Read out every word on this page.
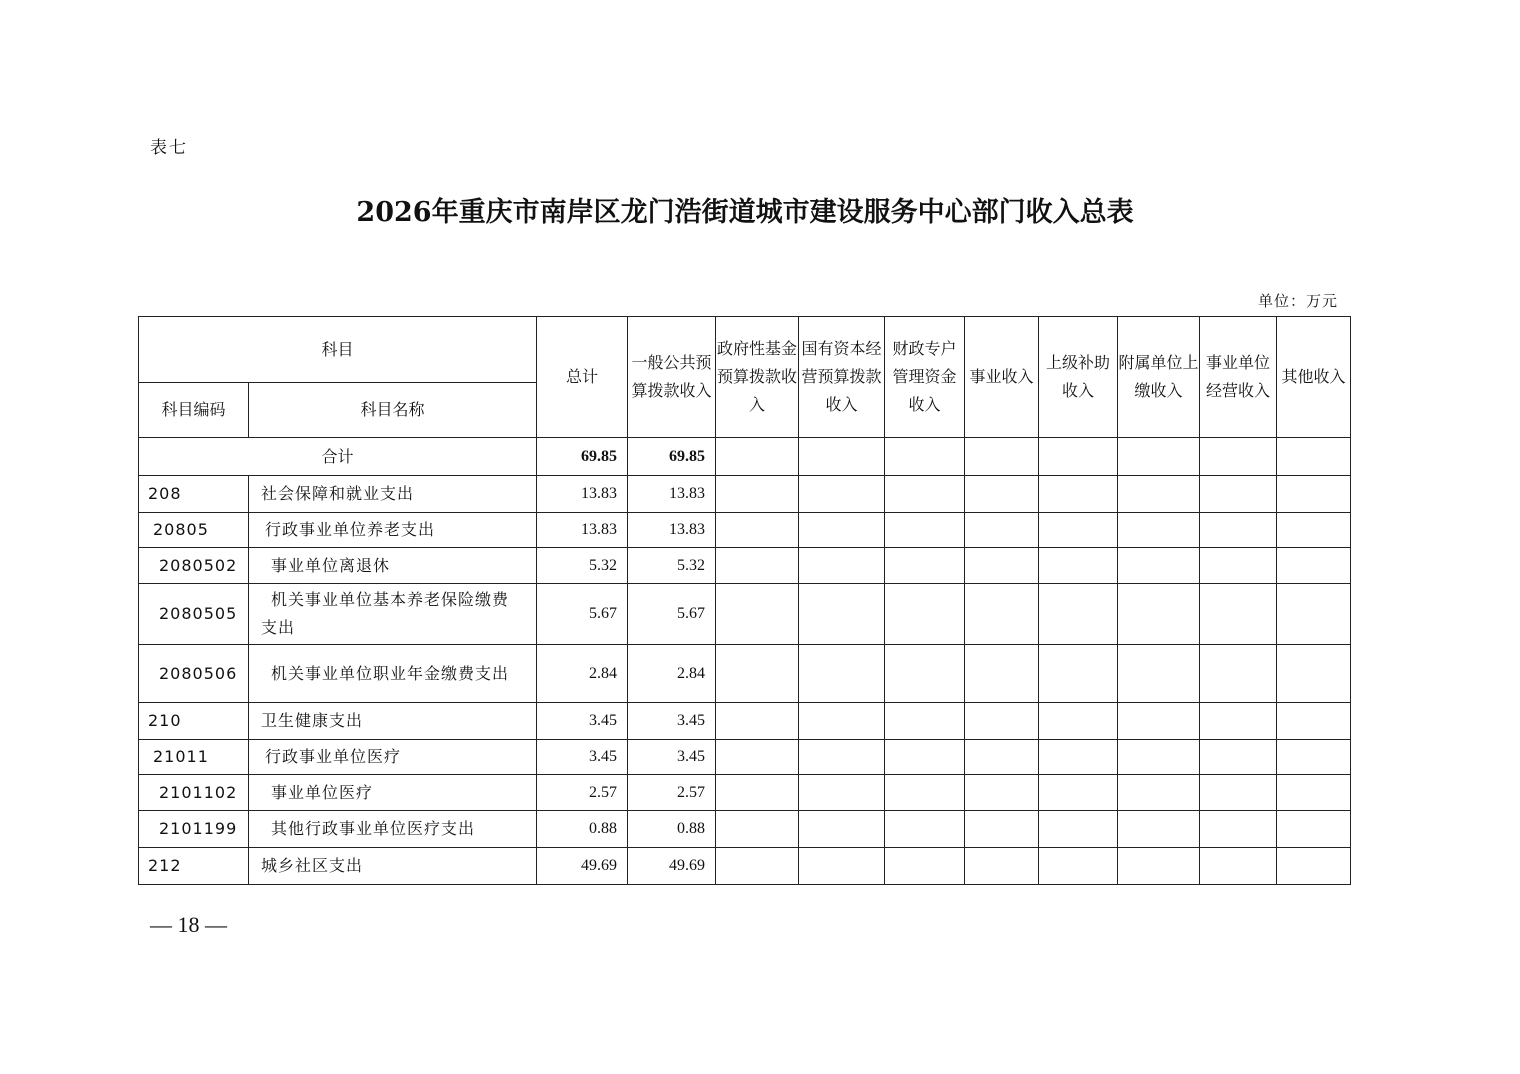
表七
2026年重庆市南岸区龙门浩街道城市建设服务中心部门收入总表
单位：万元
科目		总计	一般公共预算拨款收入	政府性基金预算拨款收入	国有资本经营预算拨款收入	财政专户管理资金收入	事业收入	上级补助收入	附属单位上缴收入	事业单位经营收入	其他收入
科目编码	科目名称										
合计		69.85	69.85								
208	社会保障和就业支出	13.83	13.83								
20805	行政事业单位养老支出	13.83	13.83								
2080502	事业单位离退休	5.32	5.32								
2080505	机关事业单位基本养老保险缴费支出	5.67	5.67								
2080506	机关事业单位职业年金缴费支出	2.84	2.84								
210	卫生健康支出	3.45	3.45								
21011	行政事业单位医疗	3.45	3.45								
2101102	事业单位医疗	2.57	2.57								
2101199	其他行政事业单位医疗支出	0.88	0.88								
212	城乡社区支出	49.69	49.69								
— 18 —
